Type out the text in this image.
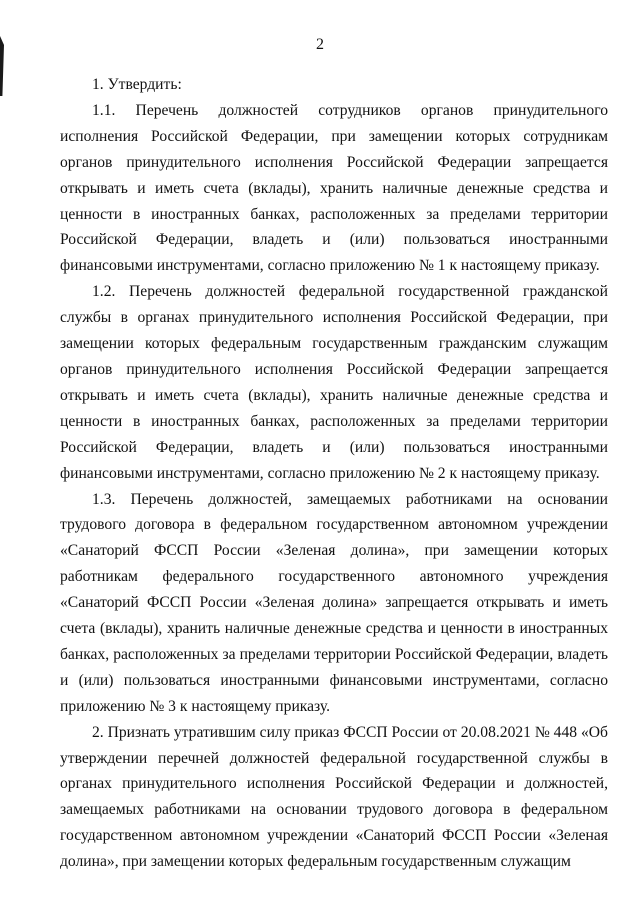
2

1. Утвердить:

1.1. Перечень должностей сотрудников органов принудительного исполнения Российской Федерации, при замещении которых сотрудникам органов принудительного исполнения Российской Федерации запрещается открывать и иметь счета (вклады), хранить наличные денежные средства и ценности в иностранных банках, расположенных за пределами территории Российской Федерации, владеть и (или) пользоваться иностранными финансовыми инструментами, согласно приложению № 1 к настоящему приказу.

1.2. Перечень должностей федеральной государственной гражданской службы в органах принудительного исполнения Российской Федерации, при замещении которых федеральным государственным гражданским служащим органов принудительного исполнения Российской Федерации запрещается открывать и иметь счета (вклады), хранить наличные денежные средства и ценности в иностранных банках, расположенных за пределами территории Российской Федерации, владеть и (или) пользоваться иностранными финансовыми инструментами, согласно приложению № 2 к настоящему приказу.

1.3. Перечень должностей, замещаемых работниками на основании трудового договора в федеральном государственном автономном учреждении «Санаторий ФССП России «Зеленая долина», при замещении которых работникам федерального государственного автономного учреждения «Санаторий ФССП России «Зеленая долина» запрещается открывать и иметь счета (вклады), хранить наличные денежные средства и ценности в иностранных банках, расположенных за пределами территории Российской Федерации, владеть и (или) пользоваться иностранными финансовыми инструментами, согласно приложению № 3 к настоящему приказу.

2. Признать утратившим силу приказ ФССП России от 20.08.2021 № 448 «Об утверждении перечней должностей федеральной государственной службы в органах принудительного исполнения Российской Федерации и должностей, замещаемых работниками на основании трудового договора в федеральном государственном автономном учреждении «Санаторий ФССП России «Зеленая долина», при замещении которых федеральным государственным служащим
